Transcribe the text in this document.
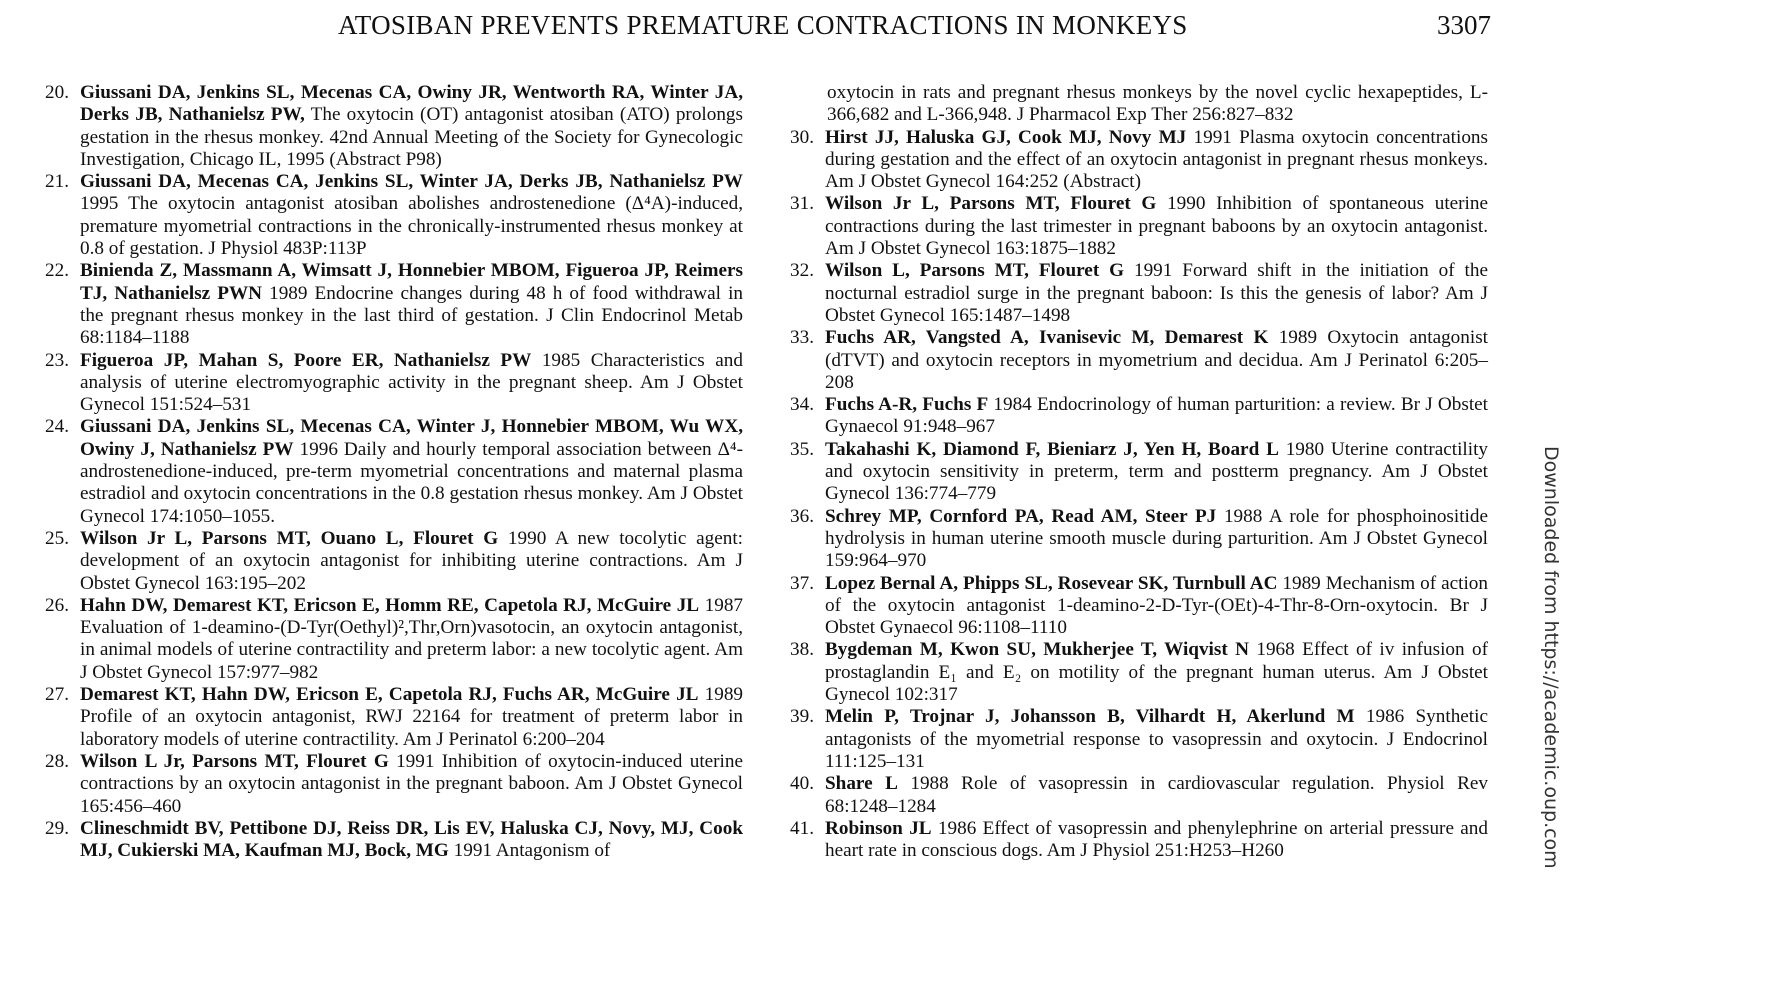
ATOSIBAN PREVENTS PREMATURE CONTRACTIONS IN MONKEYS	3307
20. Giussani DA, Jenkins SL, Mecenas CA, Owiny JR, Wentworth RA, Winter JA, Derks JB, Nathanielsz PW, The oxytocin (OT) antagonist atosiban (ATO) prolongs gestation in the rhesus monkey. 42nd Annual Meeting of the Society for Gynecologic Investigation, Chicago IL, 1995 (Abstract P98)
21. Giussani DA, Mecenas CA, Jenkins SL, Winter JA, Derks JB, Nathanielsz PW 1995 The oxytocin antagonist atosiban abolishes androstenedione (Δ⁴A)-induced, premature myometrial contractions in the chronically-instrumented rhesus monkey at 0.8 of gestation. J Physiol 483P:113P
22. Binienda Z, Massmann A, Wimsatt J, Honnebier MBOM, Figueroa JP, Reimers TJ, Nathanielsz PWN 1989 Endocrine changes during 48 h of food withdrawal in the pregnant rhesus monkey in the last third of gestation. J Clin Endocrinol Metab 68:1184–1188
23. Figueroa JP, Mahan S, Poore ER, Nathanielsz PW 1985 Characteristics and analysis of uterine electromyographic activity in the pregnant sheep. Am J Obstet Gynecol 151:524–531
24. Giussani DA, Jenkins SL, Mecenas CA, Winter J, Honnebier MBOM, Wu WX, Owiny J, Nathanielsz PW 1996 Daily and hourly temporal association between Δ⁴-androstenedione-induced, pre-term myometrial concentrations and maternal plasma estradiol and oxytocin concentrations in the 0.8 gestation rhesus monkey. Am J Obstet Gynecol 174:1050–1055.
25. Wilson Jr L, Parsons MT, Ouano L, Flouret G 1990 A new tocolytic agent: development of an oxytocin antagonist for inhibiting uterine contractions. Am J Obstet Gynecol 163:195–202
26. Hahn DW, Demarest KT, Ericson E, Homm RE, Capetola RJ, McGuire JL 1987 Evaluation of 1-deamino-(D-Tyr(Oethyl)²,Thr,Orn)vasotocin, an oxytocin antagonist, in animal models of uterine contractility and preterm labor: a new tocolytic agent. Am J Obstet Gynecol 157:977–982
27. Demarest KT, Hahn DW, Ericson E, Capetola RJ, Fuchs AR, McGuire JL 1989 Profile of an oxytocin antagonist, RWJ 22164 for treatment of preterm labor in laboratory models of uterine contractility. Am J Perinatol 6:200–204
28. Wilson L Jr, Parsons MT, Flouret G 1991 Inhibition of oxytocin-induced uterine contractions by an oxytocin antagonist in the pregnant baboon. Am J Obstet Gynecol 165:456–460
29. Clineschmidt BV, Pettibone DJ, Reiss DR, Lis EV, Haluska CJ, Novy, MJ, Cook MJ, Cukierski MA, Kaufman MJ, Bock, MG 1991 Antagonism of
oxytocin in rats and pregnant rhesus monkeys by the novel cyclic hexapeptides, L-366,682 and L-366,948. J Pharmacol Exp Ther 256:827–832
30. Hirst JJ, Haluska GJ, Cook MJ, Novy MJ 1991 Plasma oxytocin concentrations during gestation and the effect of an oxytocin antagonist in pregnant rhesus monkeys. Am J Obstet Gynecol 164:252 (Abstract)
31. Wilson Jr L, Parsons MT, Flouret G 1990 Inhibition of spontaneous uterine contractions during the last trimester in pregnant baboons by an oxytocin antagonist. Am J Obstet Gynecol 163:1875–1882
32. Wilson L, Parsons MT, Flouret G 1991 Forward shift in the initiation of the nocturnal estradiol surge in the pregnant baboon: Is this the genesis of labor? Am J Obstet Gynecol 165:1487–1498
33. Fuchs AR, Vangsted A, Ivanisevic M, Demarest K 1989 Oxytocin antagonist (dTVT) and oxytocin receptors in myometrium and decidua. Am J Perinatol 6:205–208
34. Fuchs A-R, Fuchs F 1984 Endocrinology of human parturition: a review. Br J Obstet Gynaecol 91:948–967
35. Takahashi K, Diamond F, Bieniarz J, Yen H, Board L 1980 Uterine contractility and oxytocin sensitivity in preterm, term and postterm pregnancy. Am J Obstet Gynecol 136:774–779
36. Schrey MP, Cornford PA, Read AM, Steer PJ 1988 A role for phosphoinositide hydrolysis in human uterine smooth muscle during parturition. Am J Obstet Gynecol 159:964–970
37. Lopez Bernal A, Phipps SL, Rosevear SK, Turnbull AC 1989 Mechanism of action of the oxytocin antagonist 1-deamino-2-D-Tyr-(OEt)-4-Thr-8-Orn-oxytocin. Br J Obstet Gynaecol 96:1108–1110
38. Bygdeman M, Kwon SU, Mukherjee T, Wiqvist N 1968 Effect of iv infusion of prostaglandin E₁ and E₂ on motility of the pregnant human uterus. Am J Obstet Gynecol 102:317
39. Melin P, Trojnar J, Johansson B, Vilhardt H, Akerlund M 1986 Synthetic antagonists of the myometrial response to vasopressin and oxytocin. J Endocrinol 111:125–131
40. Share L 1988 Role of vasopressin in cardiovascular regulation. Physiol Rev 68:1248–1284
41. Robinson JL 1986 Effect of vasopressin and phenylephrine on arterial pressure and heart rate in conscious dogs. Am J Physiol 251:H253–H260	Downloaded from https://academic.oup.com
